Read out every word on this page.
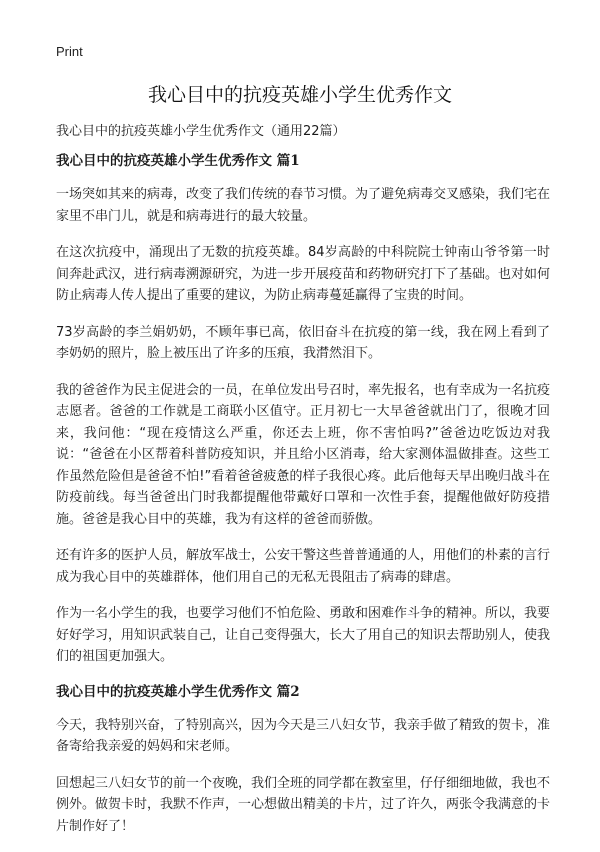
Print
我心目中的抗疫英雄小学生优秀作文

我心目中的抗疫英雄小学生优秀作文（通用22篇）

我心目中的抗疫英雄小学生优秀作文 篇1

一场突如其来的病毒，改变了我们传统的春节习惯。为了避免病毒交叉感染，我们宅在家里不串门儿，就是和病毒进行的最大较量。

在这次抗疫中，涌现出了无数的抗疫英雄。84岁高龄的中科院院士钟南山爷爷第一时间奔赴武汉，进行病毒溯源研究，为进一步开展疫苗和药物研究打下了基础。也对如何防止病毒人传人提出了重要的建议，为防止病毒蔓延赢得了宝贵的时间。

73岁高龄的李兰娟奶奶，不顾年事已高，依旧奋斗在抗疫的第一线，我在网上看到了李奶奶的照片，脸上被压出了许多的压痕，我潸然泪下。

我的爸爸作为民主促进会的一员，在单位发出号召时，率先报名，也有幸成为一名抗疫志愿者。爸爸的工作就是工商联小区值守。正月初七一大早爸爸就出门了，很晚才回来，我问他：“现在疫情这么严重，你还去上班，你不害怕吗?”爸爸边吃饭边对我说：“爸爸在小区帮着科普防疫知识，并且给小区消毒，给大家测体温做排查。这些工作虽然危险但是爸爸不怕!”看着爸爸疲惫的样子我很心疼。此后他每天早出晚归战斗在防疫前线。每当爸爸出门时我都提醒他带戴好口罩和一次性手套，提醒他做好防疫措施。爸爸是我心目中的英雄，我为有这样的爸爸而骄傲。

还有许多的医护人员，解放军战士，公安干警这些普普通通的人，用他们的朴素的言行成为我心目中的英雄群体，他们用自己的无私无畏阻击了病毒的肆虐。

作为一名小学生的我，也要学习他们不怕危险、勇敢和困难作斗争的精神。所以，我要好好学习，用知识武装自己，让自己变得强大，长大了用自己的知识去帮助别人，使我们的祖国更加强大。

我心目中的抗疫英雄小学生优秀作文 篇2

今天，我特别兴奋，了特别高兴，因为今天是三八妇女节，我亲手做了精致的贺卡，准备寄给我亲爱的妈妈和宋老师。

回想起三八妇女节的前一个夜晚，我们全班的同学都在教室里，仔仔细细地做，我也不例外。做贺卡时，我默不作声，一心想做出精美的卡片，过了许久，两张令我满意的卡片制作好了！
